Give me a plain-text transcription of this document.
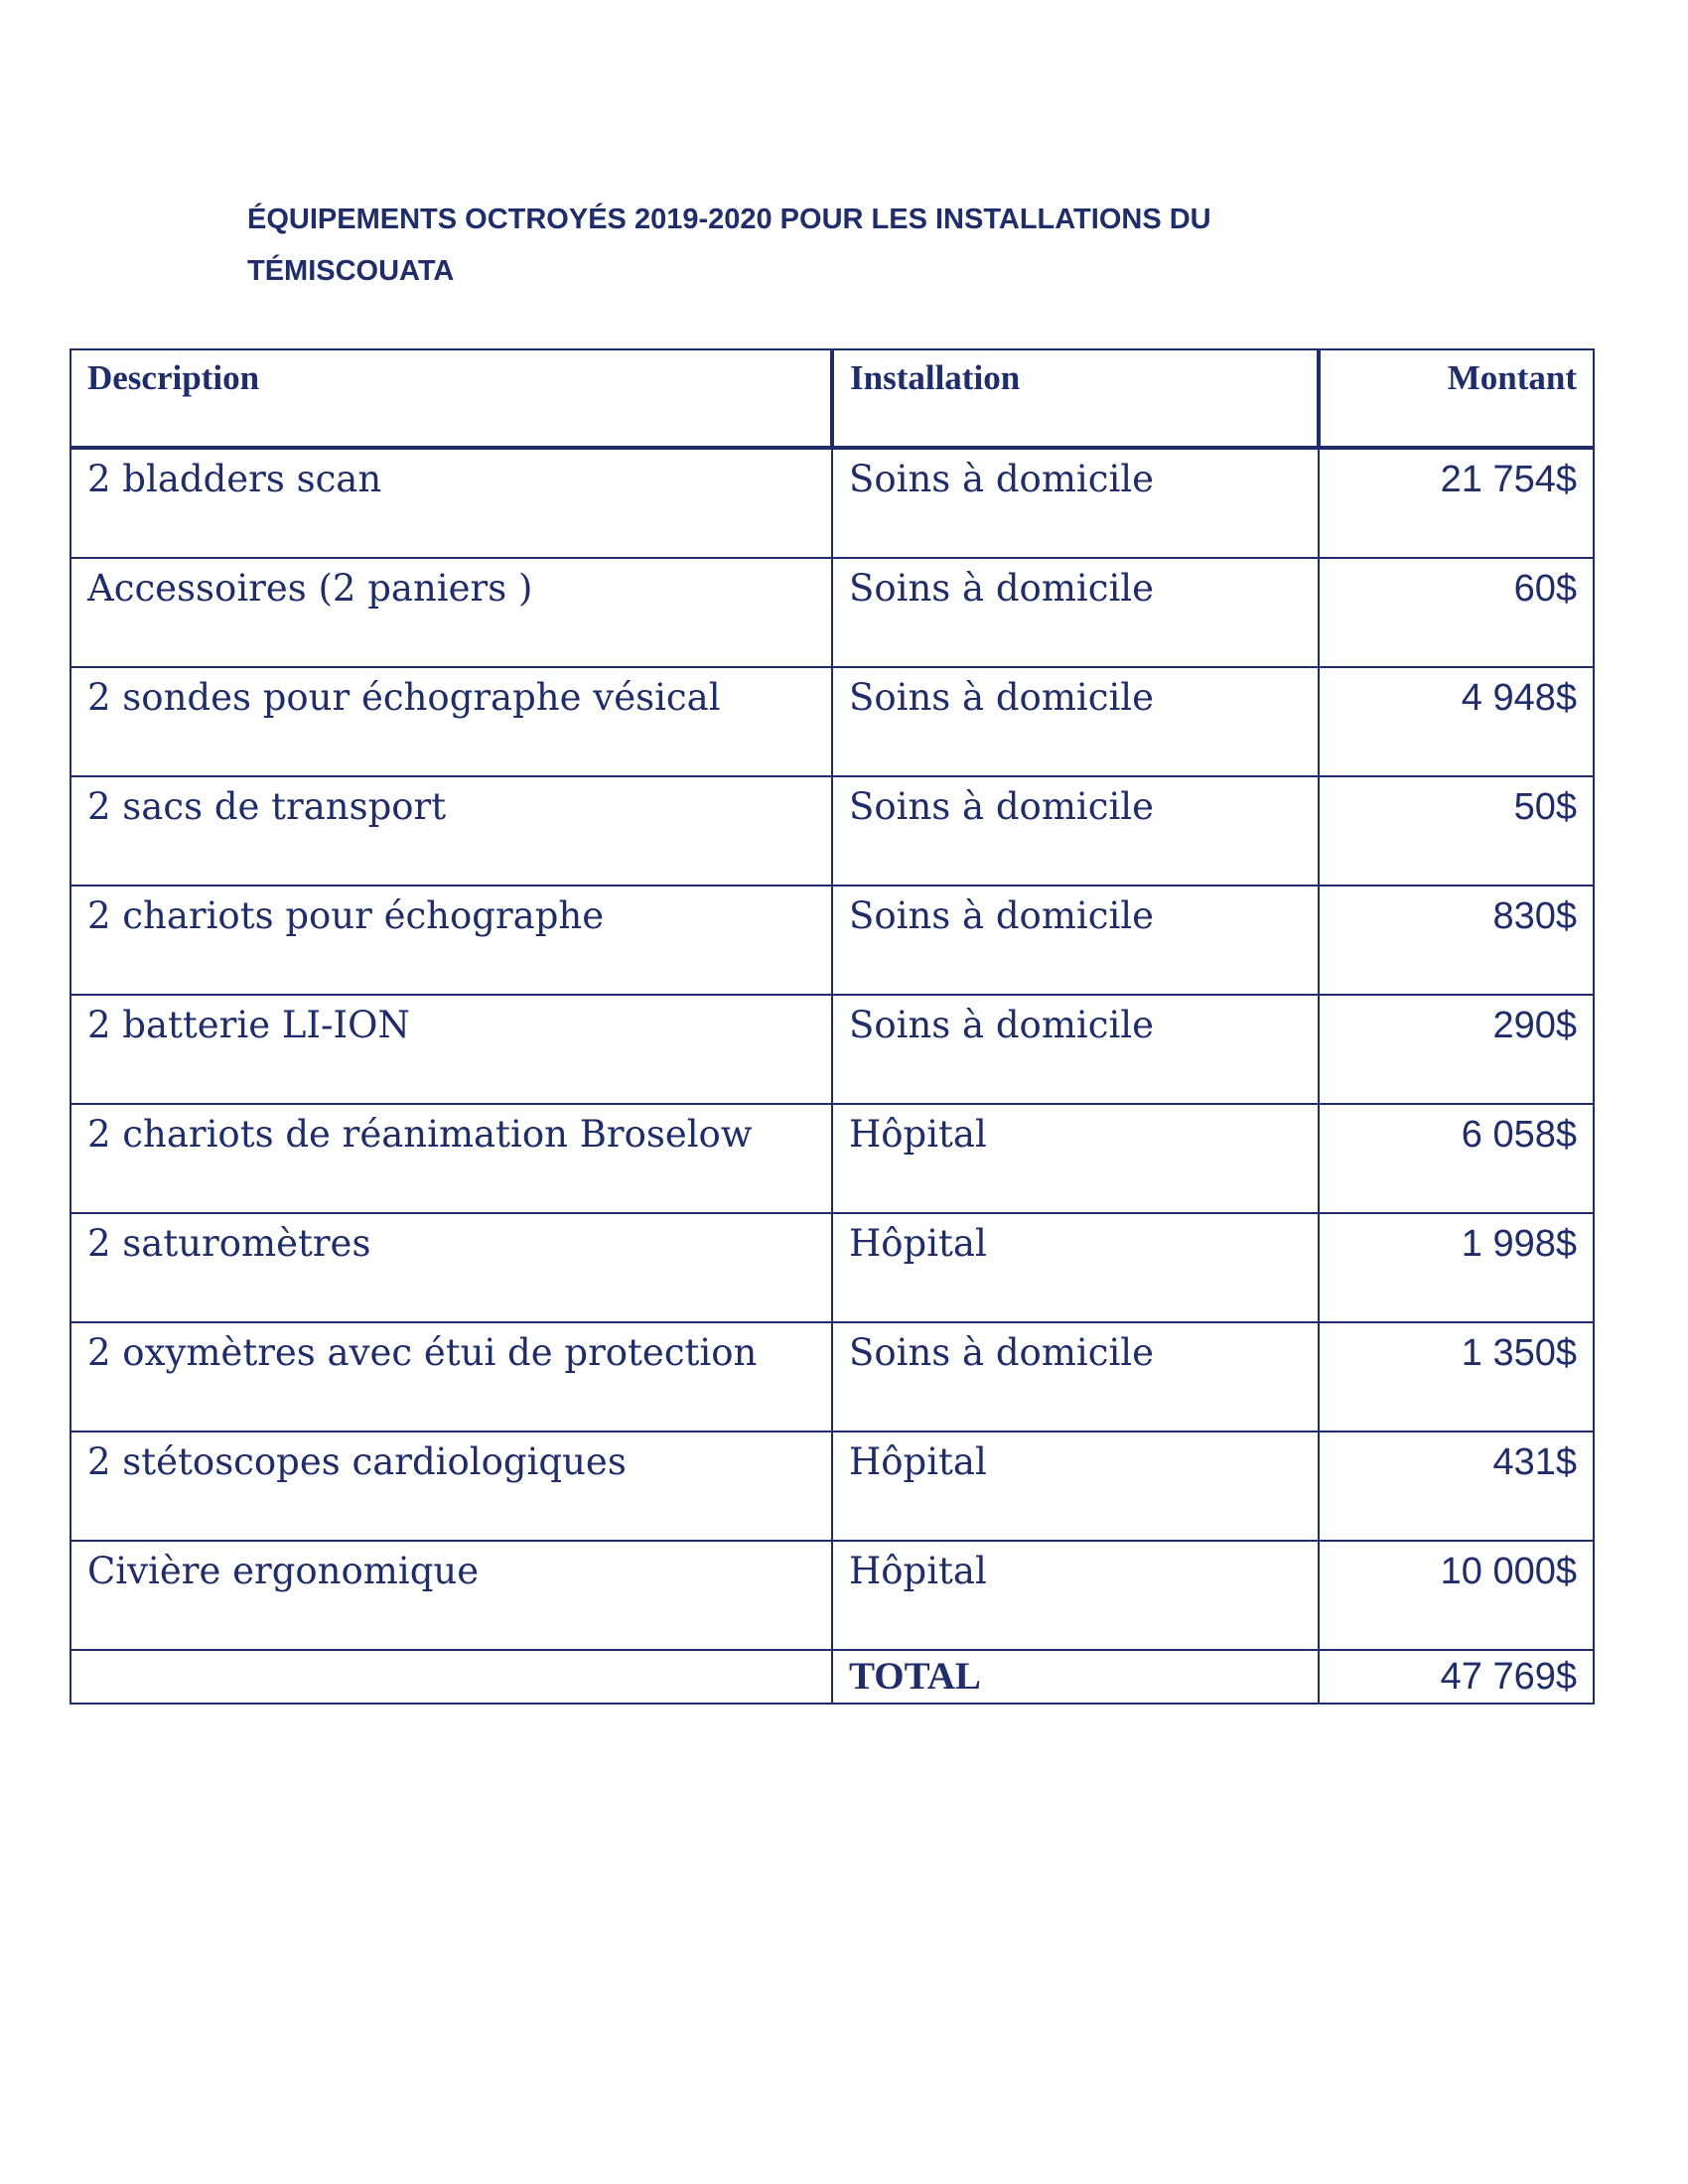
ÉQUIPEMENTS OCTROYÉS 2019-2020 POUR LES INSTALLATIONS DU
TÉMISCOUATA
Description	Installation	Montant
2 bladders scan	Soins à domicile	21 754$
Accessoires (2 paniers )	Soins à domicile	60$
2 sondes pour échographe vésical	Soins à domicile	4 948$
2 sacs de transport	Soins à domicile	50$
2 chariots pour échographe	Soins à domicile	830$
2 batterie LI-ION	Soins à domicile	290$
2 chariots de réanimation Broselow	Hôpital	6 058$
2 saturomètres	Hôpital	1 998$
2 oxymètres avec étui de protection	Soins à domicile	1 350$
2 stétoscopes cardiologiques	Hôpital	431$
Civière ergonomique	Hôpital	10 000$
	TOTAL	47 769$
